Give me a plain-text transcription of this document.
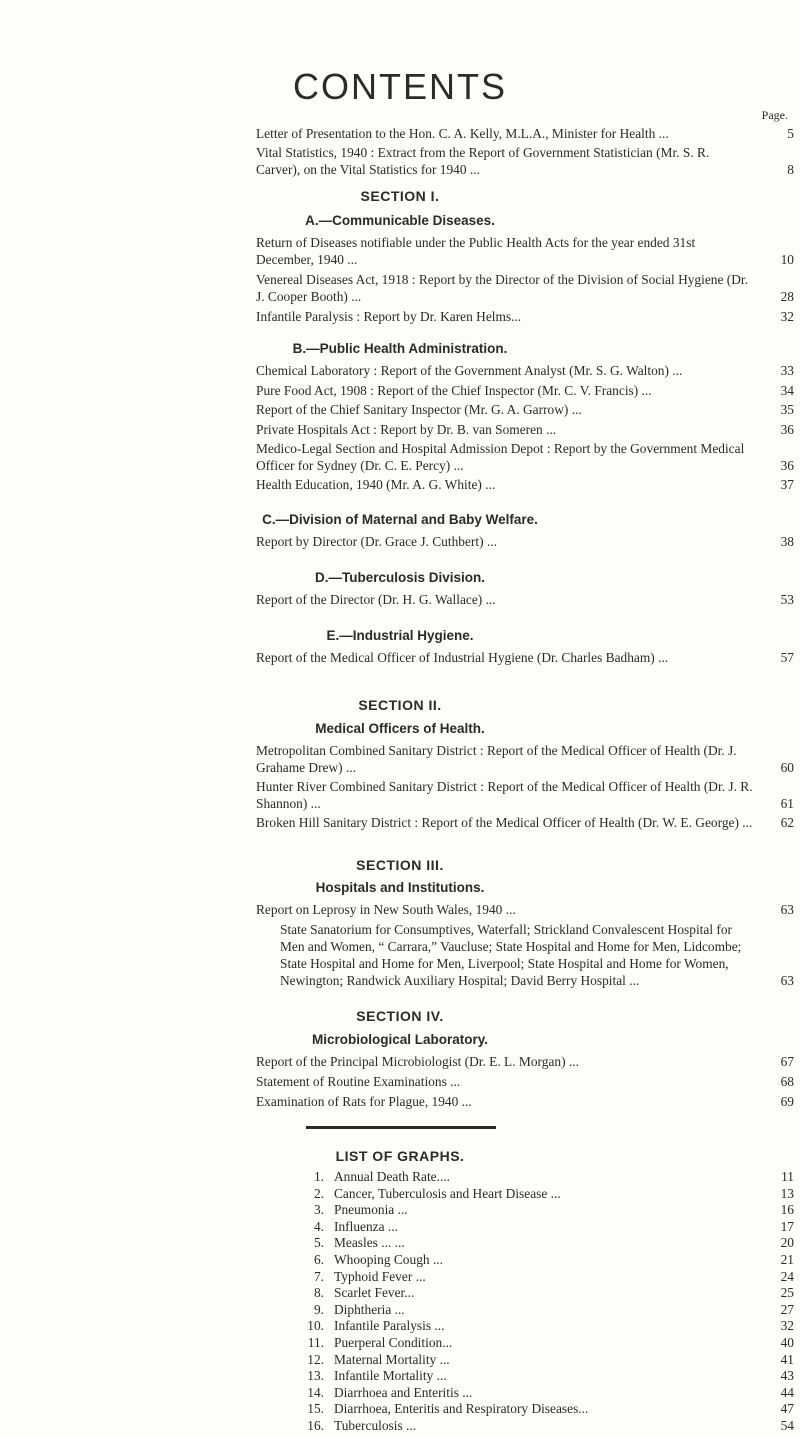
CONTENTS
Page.
Letter of Presentation to the Hon. C. A. Kelly, M.L.A., Minister for Health ...	5
Vital Statistics, 1940 : Extract from the Report of Government Statistician (Mr. S. R. Carver), on the Vital Statistics for 1940 ...	8
SECTION I.
A.—Communicable Diseases.
Return of Diseases notifiable under the Public Health Acts for the year ended 31st December, 1940 ...	10
Venereal Diseases Act, 1918 : Report by the Director of the Division of Social Hygiene (Dr. J. Cooper Booth) ...	28
Infantile Paralysis : Report by Dr. Karen Helms...	32
B.—Public Health Administration.
Chemical Laboratory : Report of the Government Analyst (Mr. S. G. Walton) ...	33
Pure Food Act, 1908 : Report of the Chief Inspector (Mr. C. V. Francis) ...	34
Report of the Chief Sanitary Inspector (Mr. G. A. Garrow) ...	35
Private Hospitals Act : Report by Dr. B. van Someren ...	36
Medico-Legal Section and Hospital Admission Depot : Report by the Government Medical Officer for Sydney (Dr. C. E. Percy) ...	36
Health Education, 1940 (Mr. A. G. White) ...	37
C.—Division of Maternal and Baby Welfare.
Report by Director (Dr. Grace J. Cuthbert) ...	38
D.—Tuberculosis Division.
Report of the Director (Dr. H. G. Wallace) ...	53
E.—Industrial Hygiene.
Report of the Medical Officer of Industrial Hygiene (Dr. Charles Badham) ...	57
SECTION II.
Medical Officers of Health.
Metropolitan Combined Sanitary District : Report of the Medical Officer of Health (Dr. J. Grahame Drew) ...	60
Hunter River Combined Sanitary District : Report of the Medical Officer of Health (Dr. J. R. Shannon) ...	61
Broken Hill Sanitary District : Report of the Medical Officer of Health (Dr. W. E. George) ...	62
SECTION III.
Hospitals and Institutions.
Report on Leprosy in New South Wales, 1940 ...	63
State Sanatorium for Consumptives, Waterfall; Strickland Convalescent Hospital for Men and Women, “ Carrara,” Vaucluse; State Hospital and Home for Men, Lidcombe; State Hospital and Home for Men, Liverpool; State Hospital and Home for Women, Newington; Randwick Auxiliary Hospital; David Berry Hospital ...	63
SECTION IV.
Microbiological Laboratory.
Report of the Principal Microbiologist (Dr. E. L. Morgan) ...	67
Statement of Routine Examinations ...	68
Examination of Rats for Plague, 1940 ...	69
LIST OF GRAPHS.
1. Annual Death Rate....	11
2. Cancer, Tuberculosis and Heart Disease ...	13
3. Pneumonia ...	16
4. Influenza ...	17
5. Measles ... ...	20
6. Whooping Cough ...	21
7. Typhoid Fever ...	24
8. Scarlet Fever...	25
9. Diphtheria ...	27
10. Infantile Paralysis ...	32
11. Puerperal Condition...	40
12. Maternal Mortality ...	41
13. Infantile Mortality ...	43
14. Diarrhoea and Enteritis ...	44
15. Diarrhoea, Enteritis and Respiratory Diseases...	47
16. Tuberculosis ...	54
